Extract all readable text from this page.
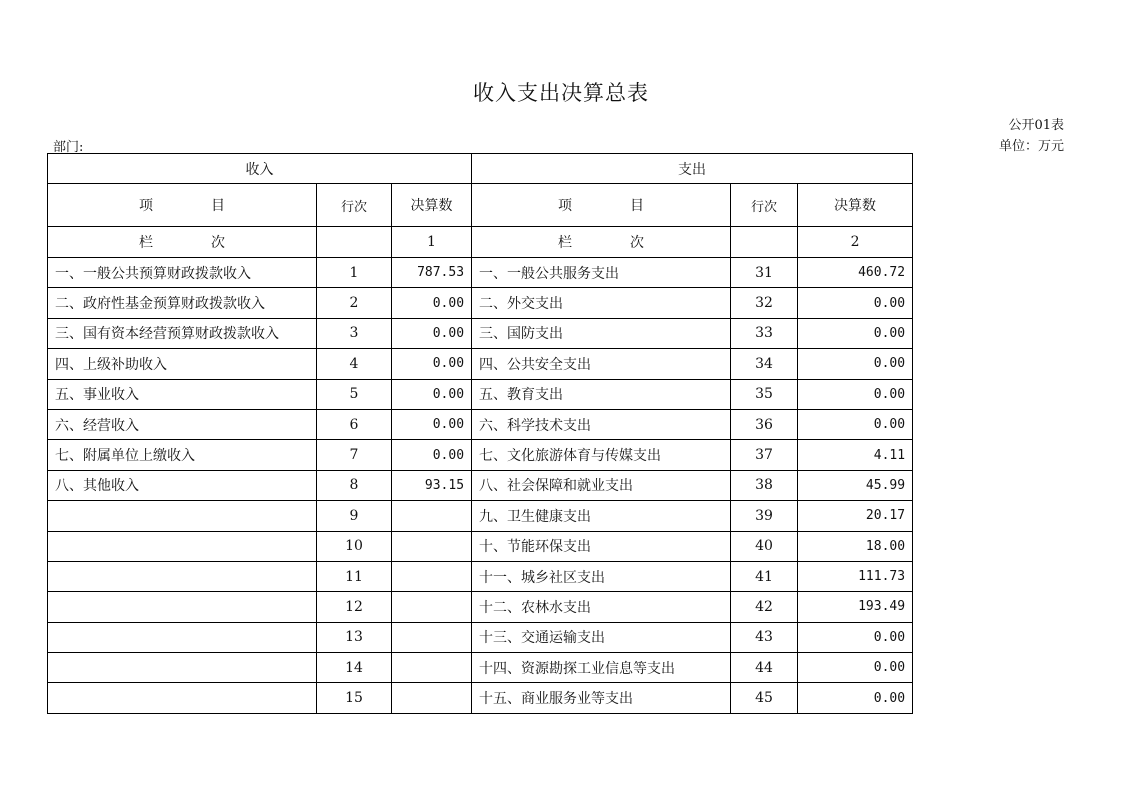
收入支出决算总表
公开01表
部门:	单位：万元
收入			支出		
项　目	行次	决算数	项　目	行次	决算数
栏　次		1	栏　次		2
一、一般公共预算财政拨款收入	1	787.53	一、一般公共服务支出	31	460.72
二、政府性基金预算财政拨款收入	2	0.00	二、外交支出	32	0.00
三、国有资本经营预算财政拨款收入	3	0.00	三、国防支出	33	0.00
四、上级补助收入	4	0.00	四、公共安全支出	34	0.00
五、事业收入	5	0.00	五、教育支出	35	0.00
六、经营收入	6	0.00	六、科学技术支出	36	0.00
七、附属单位上缴收入	7	0.00	七、文化旅游体育与传媒支出	37	4.11
八、其他收入	8	93.15	八、社会保障和就业支出	38	45.99
	9		九、卫生健康支出	39	20.17
	10		十、节能环保支出	40	18.00
	11		十一、城乡社区支出	41	111.73
	12		十二、农林水支出	42	193.49
	13		十三、交通运输支出	43	0.00
	14		十四、资源勘探工业信息等支出	44	0.00
	15		十五、商业服务业等支出	45	0.00
